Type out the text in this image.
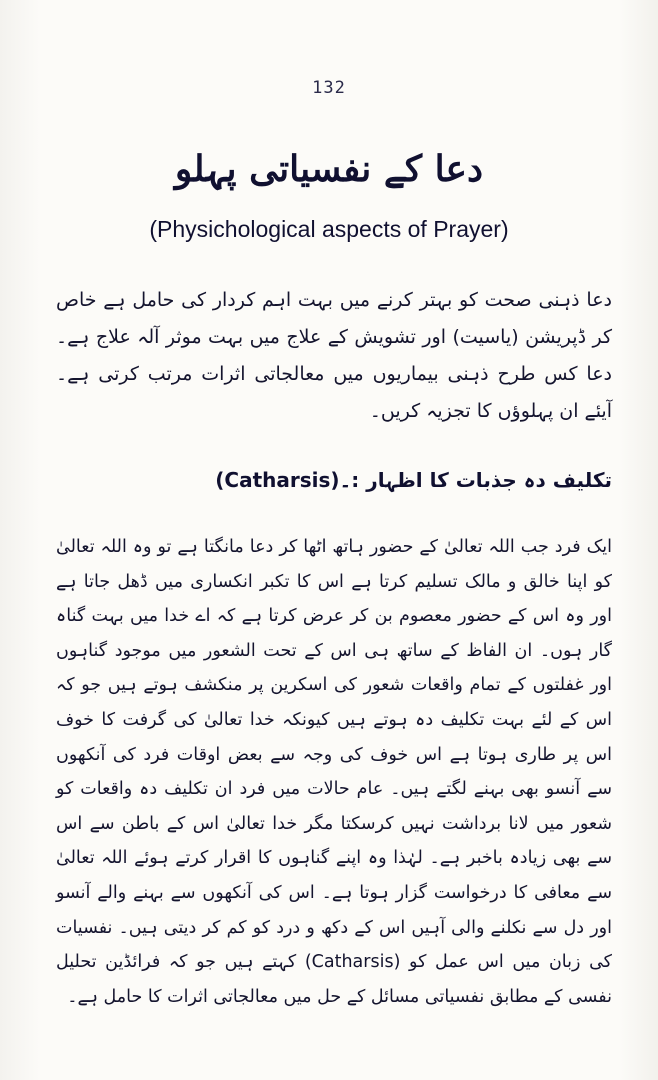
132
دعا کے نفسیاتی پہلو
(Physichological aspects of Prayer)
دعا ذہنی صحت کو بہتر کرنے میں بہت اہم کردار کی حامل ہے خاص کر ڈپریشن (یاسیت) اور تشویش کے علاج میں بہت موثر آلہ علاج ہے۔ دعا کس طرح ذہنی بیماریوں میں معالجاتی اثرات مرتب کرتی ہے۔ آیئے ان پہلوؤں کا تجزیہ کریں۔
تکلیف دہ جذبات کا اظہار :۔(Catharsis)
ایک فرد جب اللہ تعالیٰ کے حضور ہاتھ اٹھا کر دعا مانگتا ہے تو وہ اللہ تعالیٰ کو اپنا خالق و مالک تسلیم کرتا ہے اس کا تکبر انکساری میں ڈھل جاتا ہے اور وہ اس کے حضور معصوم بن کر عرض کرتا ہے کہ اے خدا میں بہت گناہ گار ہوں۔ ان الفاظ کے ساتھ ہی اس کے تحت الشعور میں موجود گناہوں اور غفلتوں کے تمام واقعات شعور کی اسکرین پر منکشف ہوتے ہیں جو کہ اس کے لئے بہت تکلیف دہ ہوتے ہیں کیونکہ خدا تعالیٰ کی گرفت کا خوف اس پر طاری ہوتا ہے اس خوف کی وجہ سے بعض اوقات فرد کی آنکھوں سے آنسو بھی بہنے لگتے ہیں۔ عام حالات میں فرد ان تکلیف دہ واقعات کو شعور میں لانا برداشت نہیں کرسکتا مگر خدا تعالیٰ اس کے باطن سے اس سے بھی زیادہ باخبر ہے۔ لہٰذا وہ اپنے گناہوں کا اقرار کرتے ہوئے اللہ تعالیٰ سے معافی کا درخواست گزار ہوتا ہے۔ اس کی آنکھوں سے بہنے والے آنسو اور دل سے نکلنے والی آہیں اس کے دکھ و درد کو کم کر دیتی ہیں۔ نفسیات کی زبان میں اس عمل کو (Catharsis) کہتے ہیں جو کہ فرائڈین تحلیل نفسی کے مطابق نفسیاتی مسائل کے حل میں معالجاتی اثرات کا حامل ہے۔
